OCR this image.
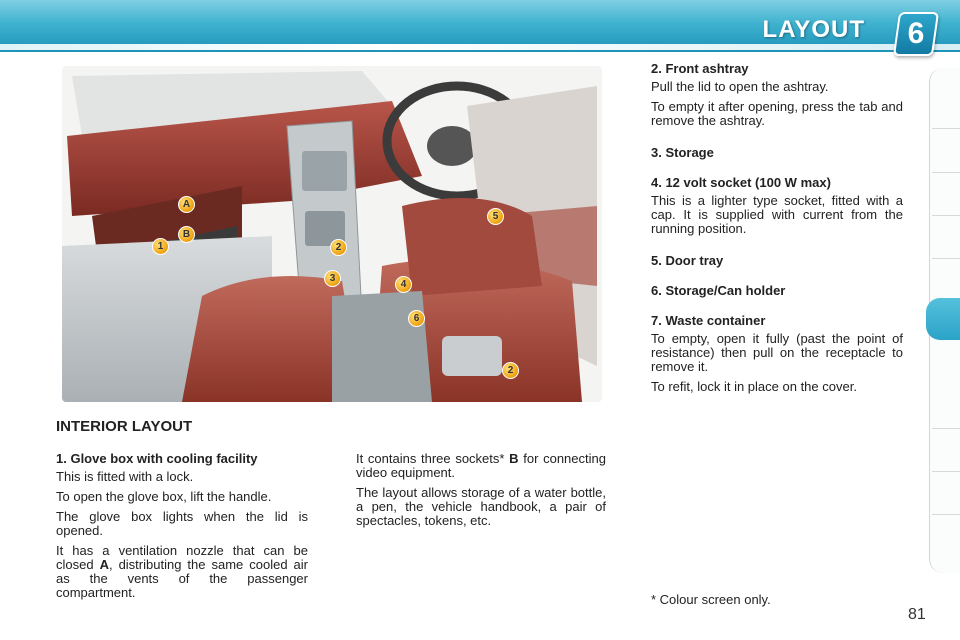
LAYOUT	6
A
B
1	2
3
4
5
6
2
INTERIOR LAYOUT
1. Glove box with cooling facility

This is fitted with a lock.

To open the glove box, lift the handle.

The glove box lights when the lid is opened.

It has a ventilation nozzle that can be closed A, distributing the same cooled air as the vents of the passenger compartment.

It contains three sockets* B for connecting video equipment.

The layout allows storage of a water bottle, a pen, the vehicle handbook, a pair of spectacles, tokens, etc.

2. Front ashtray

Pull the lid to open the ashtray.

To empty it after opening, press the tab and remove the ashtray.

3. Storage
4. 12 volt socket (100 W max)

This is a lighter type socket, fitted with a cap. It is supplied with current from the running position.

5. Door tray
6. Storage/Can holder
7. Waste container

To empty, open it fully (past the point of resistance) then pull on the receptacle to remove it.

To refit, lock it in place on the cover.

* Colour screen only.
81
